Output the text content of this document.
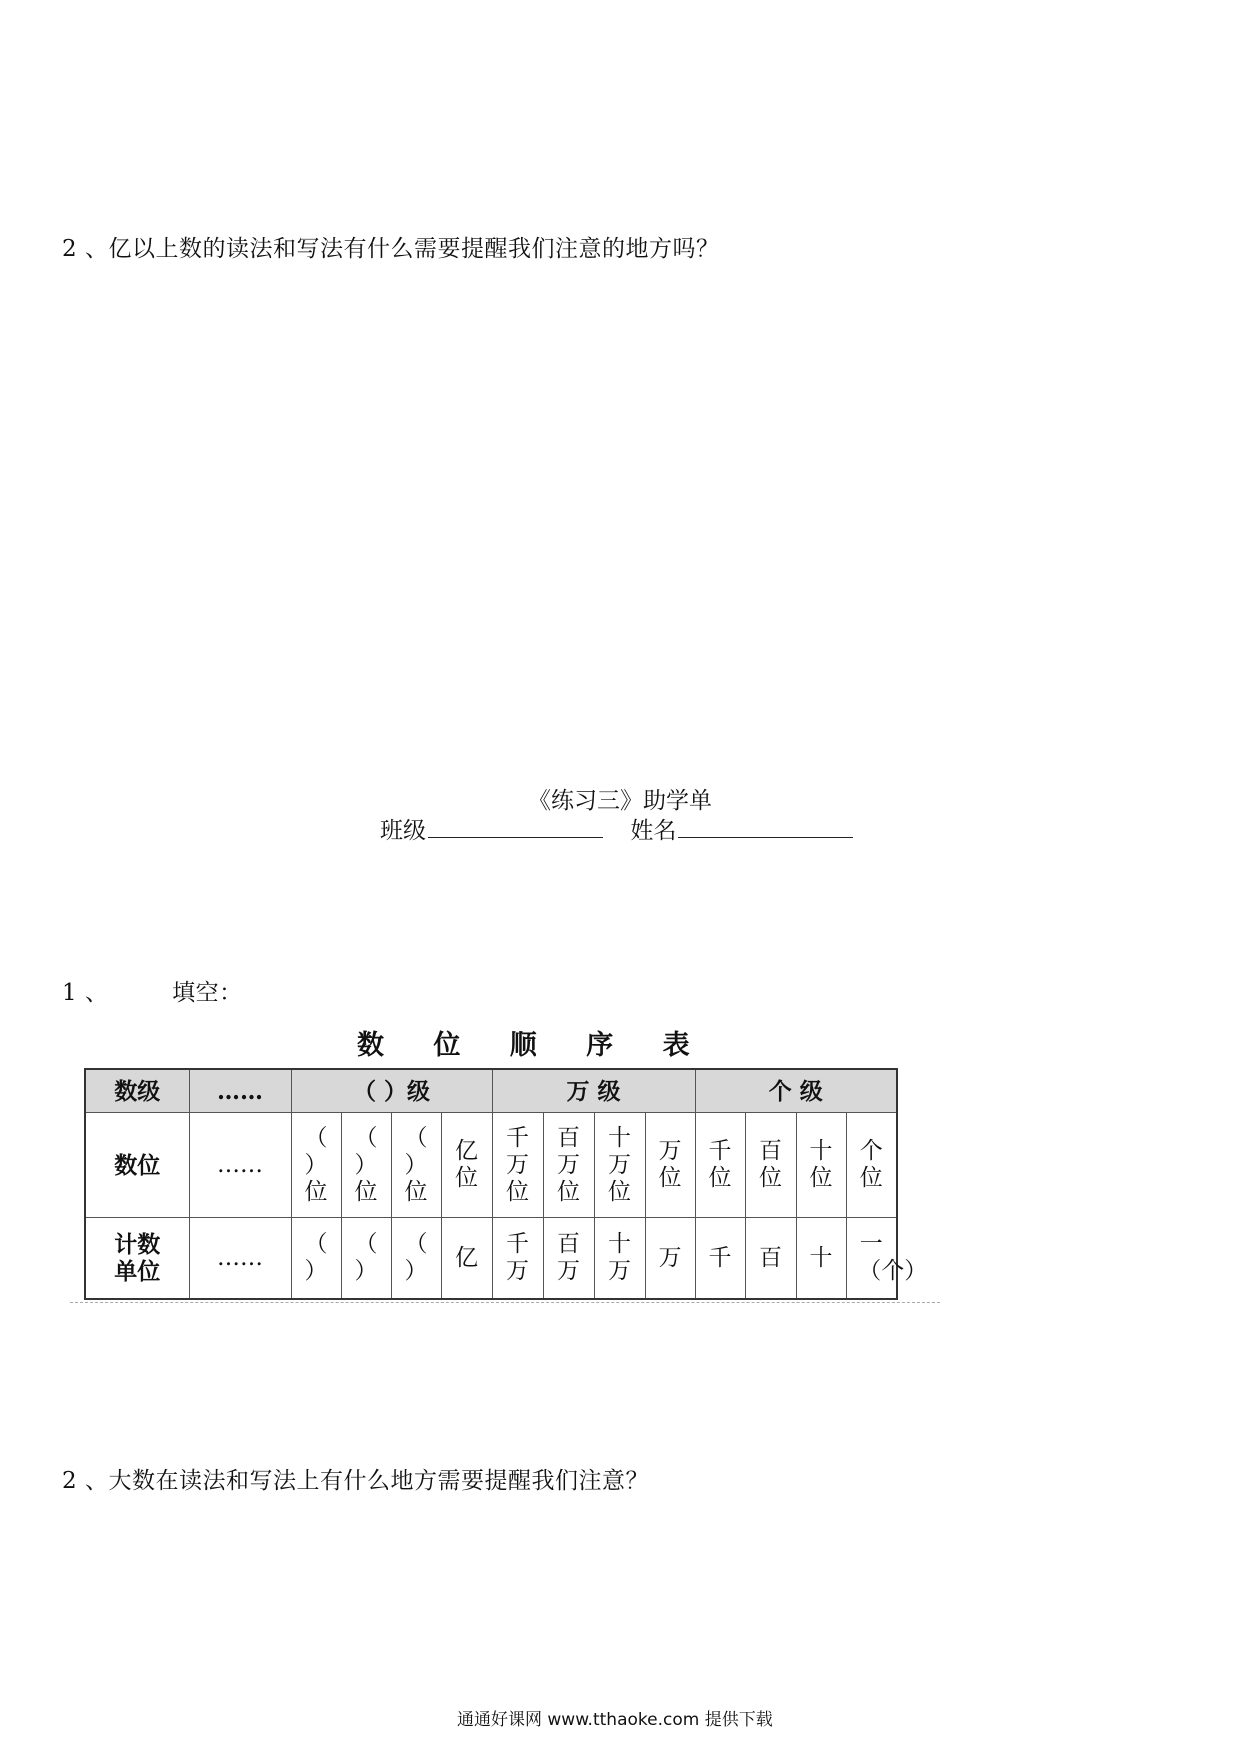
2 、亿以上数的读法和写法有什么需要提醒我们注意的地方吗？
《练习三》助学单
班级	姓名
1 、	填空：
数 位 顺 序 表
数级	……	（ ）级				万 级				个 级			
数位	……	（ ）位	（ ）位	（ ）位	亿位	千万位	百万位	十万位	万位	千位	百位	十位	个位
计数单位	……	（ ）	（ ）	（ ）	亿	千万	百万	十万	万	千	百	十	一（个）
2 、大数在读法和写法上有什么地方需要提醒我们注意？
通通好课网 www.tthaoke.com 提供下载
